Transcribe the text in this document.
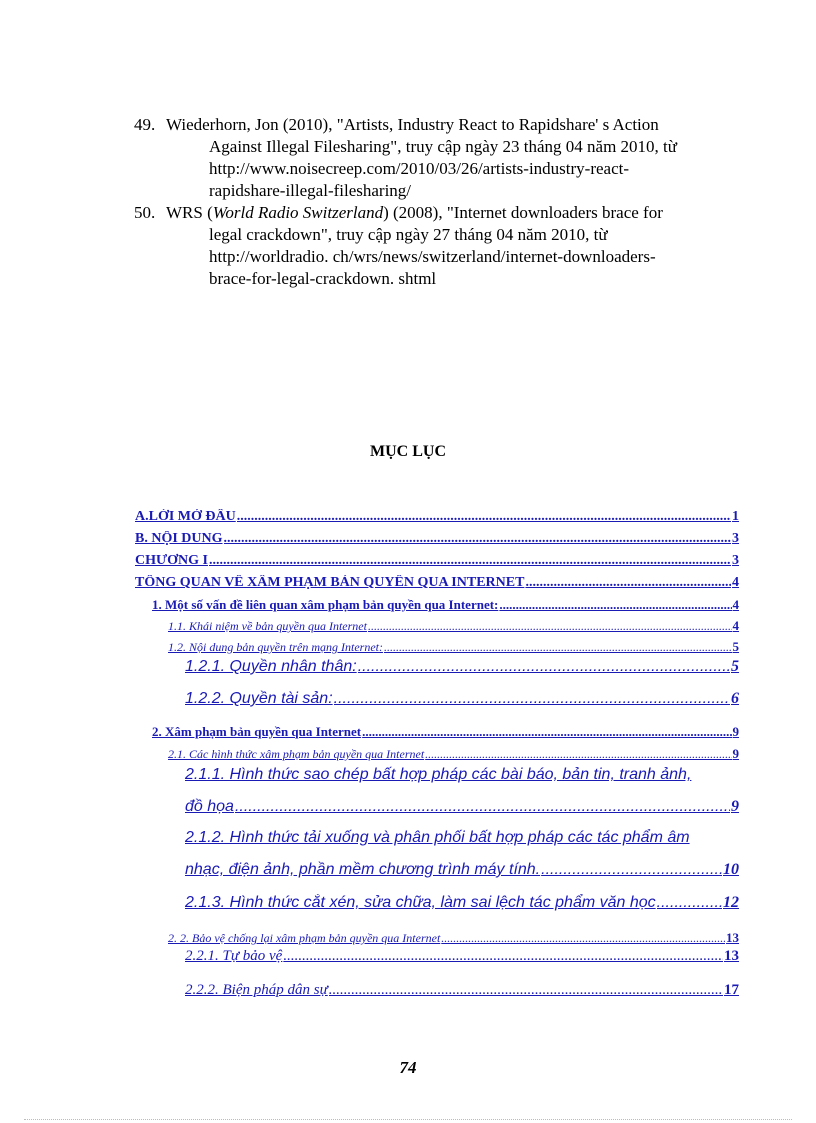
49. Wiederhorn, Jon (2010), "Artists, Industry React to Rapidshare' s Action
Against Illegal Filesharing", truy cập ngày 23 tháng 04 năm 2010, từ
http://www.noisecreep.com/2010/03/26/artists-industry-react-
rapidshare-illegal-filesharing/
50. WRS (World Radio Switzerland) (2008), "Internet downloaders brace for
legal crackdown", truy cập ngày 27 tháng 04 năm 2010, từ
http://worldradio. ch/wrs/news/switzerland/internet-downloaders-
brace-for-legal-crackdown. shtml
MỤC LỤC
A.LỜI MỞ ĐẦU .....	1
B. NỘI DUNG .....	3
CHƯƠNG I .....	3
TỔNG QUAN VỀ XÂM PHẠM BẢN QUYỀN QUA INTERNET .....	4
1. Một số vấn đề liên quan xâm phạm bản quyền qua Internet: .....	4
1.1. Khái niệm về bản quyền qua Internet .....	4
1.2. Nội dung bản quyền trên mạng Internet: .....	5
1.2.1. Quyền nhân thân: .....	5
1.2.2. Quyền tài sản: .....	6
2. Xâm phạm bản quyền qua Internet .....	9
2.1. Các hình thức xâm phạm bản quyền qua Internet .....	9
2.1.1. Hình thức sao chép bất hợp pháp các bài báo, bản tin, tranh ảnh,
đồ họa .....	9
2.1.2. Hình thức tải xuống và phân phối bất hợp pháp các tác phẩm âm
nhạc, điện ảnh, phần mềm chương trình máy tính. .....	10
2.1.3. Hình thức cắt xén, sửa chữa, làm sai lệch tác phẩm văn học .....	12
2. 2. Bảo vệ chống lại xâm phạm bản quyền qua Internet .....	13
2.2.1. Tự bảo vệ .....	13
2.2.2. Biện pháp dân sự .....	17
74
